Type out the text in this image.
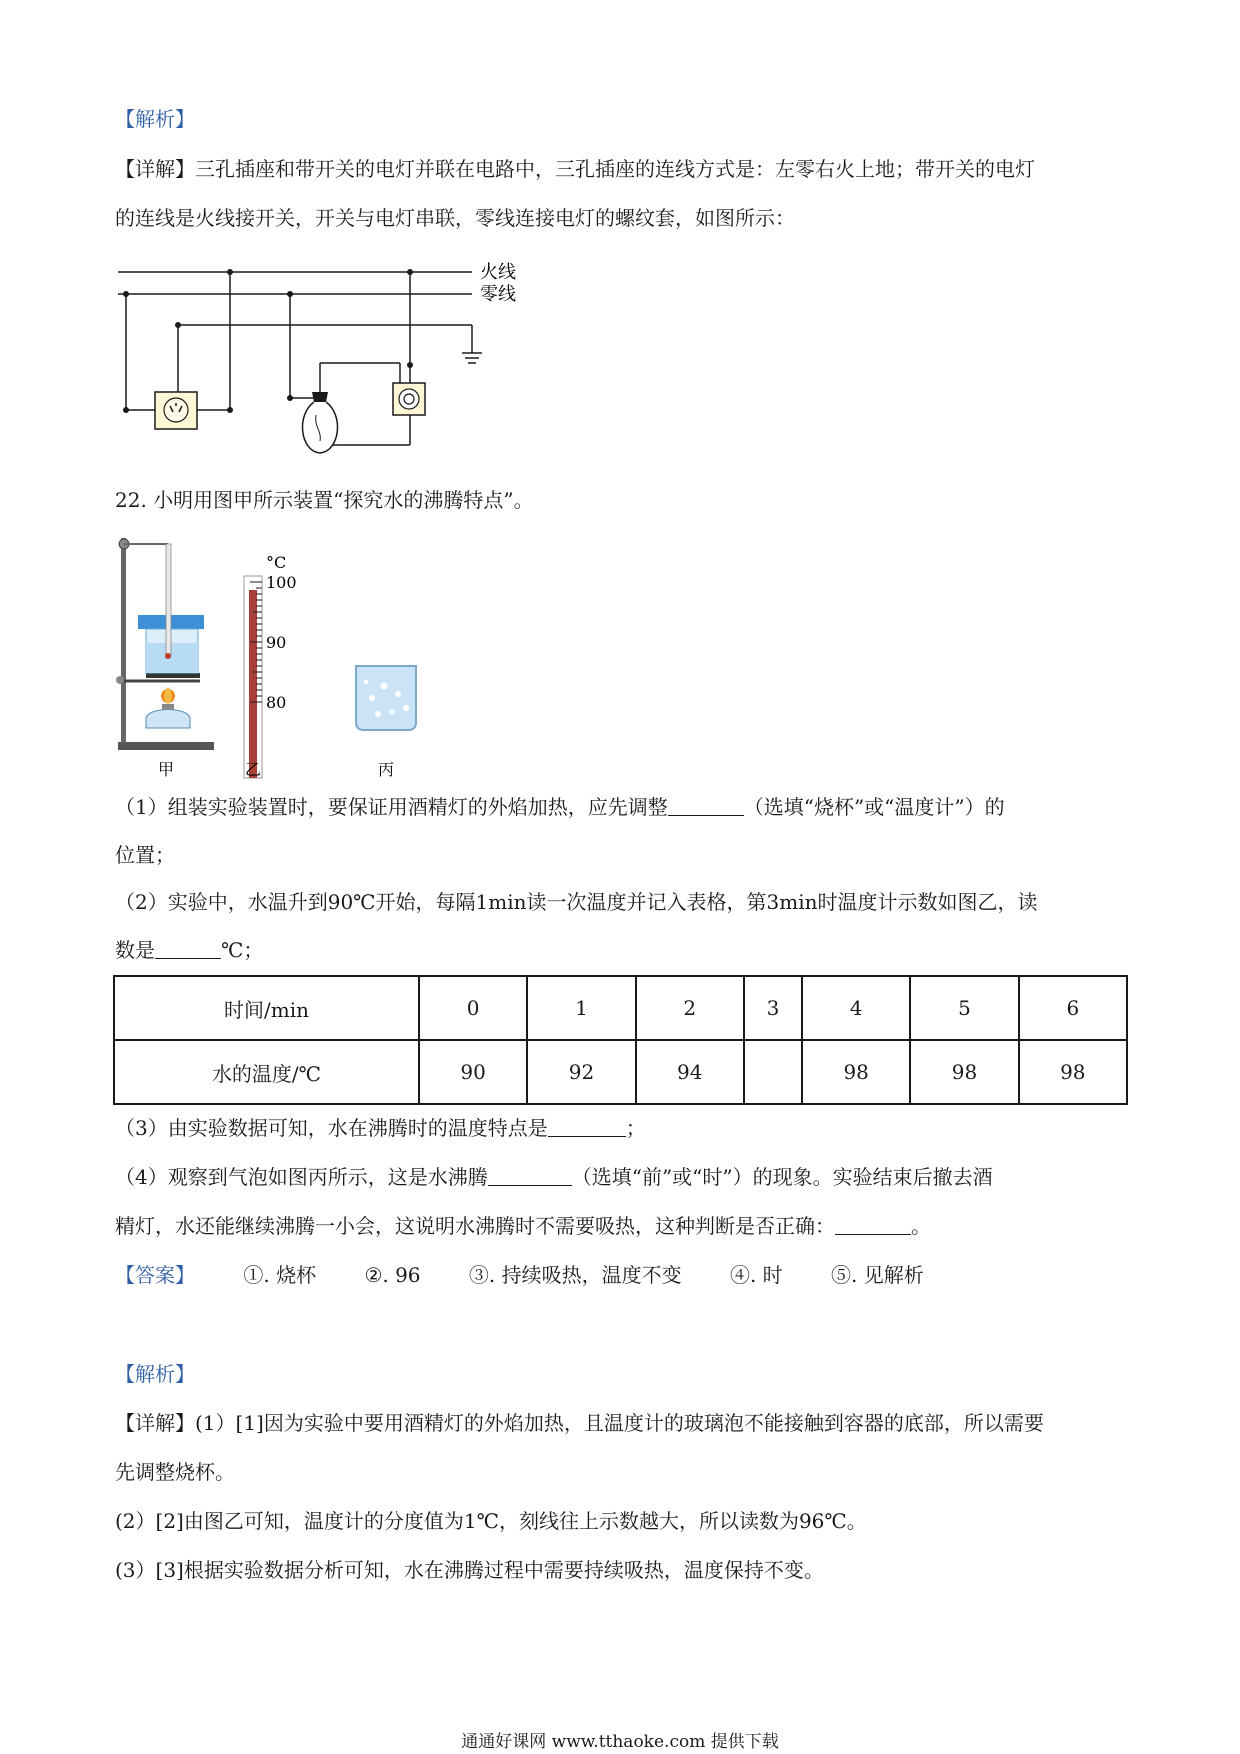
【解析】
【详解】三孔插座和带开关的电灯并联在电路中，三孔插座的连线方式是：左零右火上地；带开关的电灯
的连线是火线接开关，开关与电灯串联，零线连接电灯的螺纹套，如图所示：
火线
零线
22. 小明用图甲所示装置“探究水的沸腾特点”。
°C
100
90
80
甲	乙	丙
（1）组装实验装置时，要保证用酒精灯的外焰加热，应先调整	（选填“烧杯”或“温度计”）的
位置；
（2）实验中，水温升到90℃开始，每隔1min读一次温度并记入表格，第3min时温度计示数如图乙，读
数是	℃；
时间/min	0	1	2	3	4	5	6
水的温度/℃	90	92	94		98	98	98
（3）由实验数据可知，水在沸腾时的温度特点是	；
（4）观察到气泡如图丙所示，这是水沸腾	（选填“前”或“时”）的现象。实验结束后撤去酒
精灯，水还能继续沸腾一小会，这说明水沸腾时不需要吸热，这种判断是否正确：	。
【答案】 ①. 烧杯 ②. 96 ③. 持续吸热，温度不变 ④. 时 ⑤. 见解析
【解析】
【详解】(1）[1]因为实验中要用酒精灯的外焰加热，且温度计的玻璃泡不能接触到容器的底部，所以需要
先调整烧杯。
(2）[2]由图乙可知，温度计的分度值为1℃，刻线往上示数越大，所以读数为96℃。
(3）[3]根据实验数据分析可知，水在沸腾过程中需要持续吸热，温度保持不变。
通通好课网 www.tthaoke.com 提供下载
